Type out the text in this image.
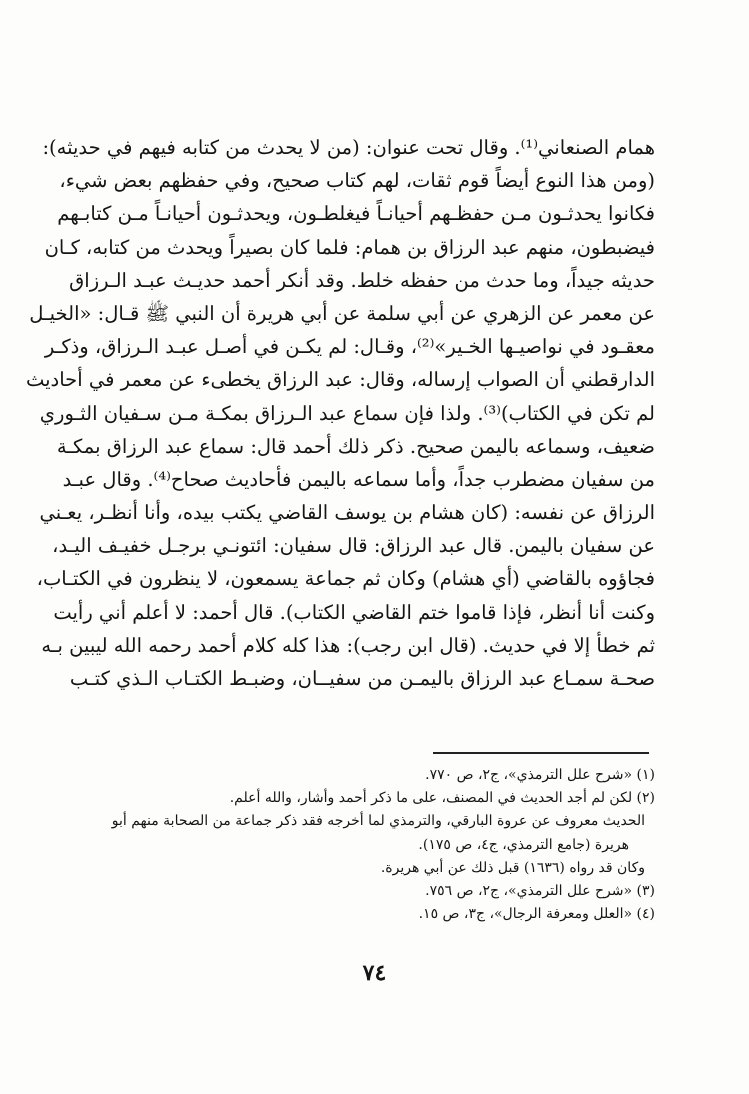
همام الصنعاني⁽¹⁾. وقال تحت عنوان: (من لا يحدث من كتابه فيهم في حديثه):
(ومن هذا النوع أيضاً قوم ثقات، لهم كتاب صحيح، وفي حفظهم بعض شيء،
فكانوا يحدثـون مـن حفظـهم أحيانـاً فيغلطـون، ويحدثـون أحيانـاً مـن كتابـهم
فيضبطون، منهم عبد الرزاق بن همام: فلما كان بصيراً ويحدث من كتابه، كـان
حديثه جيداً، وما حدث من حفظه خلط. وقد أنكر أحمد حديـث عبـد الـرزاق
عن معمر عن الزهري عن أبي سلمة عن أبي هريرة أن النبي ﷺ قـال: «الخيـل
معقـود في نواصيـها الخـير»⁽²⁾، وقـال: لم يكـن في أصـل عبـد الـرزاق، وذكـر
الدارقطني أن الصواب إرساله، وقال: عبد الرزاق يخطىء عن معمر في أحاديث
لم تكن في الكتاب)⁽³⁾. ولذا فإن سماع عبد الـرزاق بمكـة مـن سـفيان الثـوري
ضعيف، وسماعه باليمن صحيح. ذكر ذلك أحمد قال: سماع عبد الرزاق بمكـة
من سفيان مضطرب جداً، وأما سماعه باليمن فأحاديث صحاح⁽⁴⁾. وقال عبـد
الرزاق عن نفسه: (كان هشام بن يوسف القاضي يكتب بيده، وأنا أنظـر، يعـني
عن سفيان باليمن. قال عبد الرزاق: قال سفيان: ائتونـي برجـل خفيـف اليـد،
فجاؤوه بالقاضي (أي هشام) وكان ثم جماعة يسمعون، لا ينظرون في الكتـاب،
وكنت أنا أنظر، فإذا قاموا ختم القاضي الكتاب). قال أحمد: لا أعلم أني رأيت
ثم خطأ إلا في حديث. (قال ابن رجب): هذا كله كلام أحمد رحمه الله ليبين بـه
صحـة سمـاع عبد الرزاق باليمـن من سفيــان، وضبـط الكتـاب الـذي كتـب
(١) «شرح علل الترمذي»، ج٢، ص ٧٧٠.
(٢) لكن لم أجد الحديث في المصنف، على ما ذكر أحمد وأشار، والله أعلم.
الحديث معروف عن عروة البارقي، والترمذي لما أخرجه فقد ذكر جماعة من الصحابة منهم أبو
هريرة (جامع الترمذي، ج٤، ص ١٧٥).
وكان قد رواه (١٦٣٦) قبل ذلك عن أبي هريرة.
(٣) «شرح علل الترمذي»، ج٢، ص ٧٥٦.
(٤) «العلل ومعرفة الرجال»، ج٣، ص ١٥.
٧٤
